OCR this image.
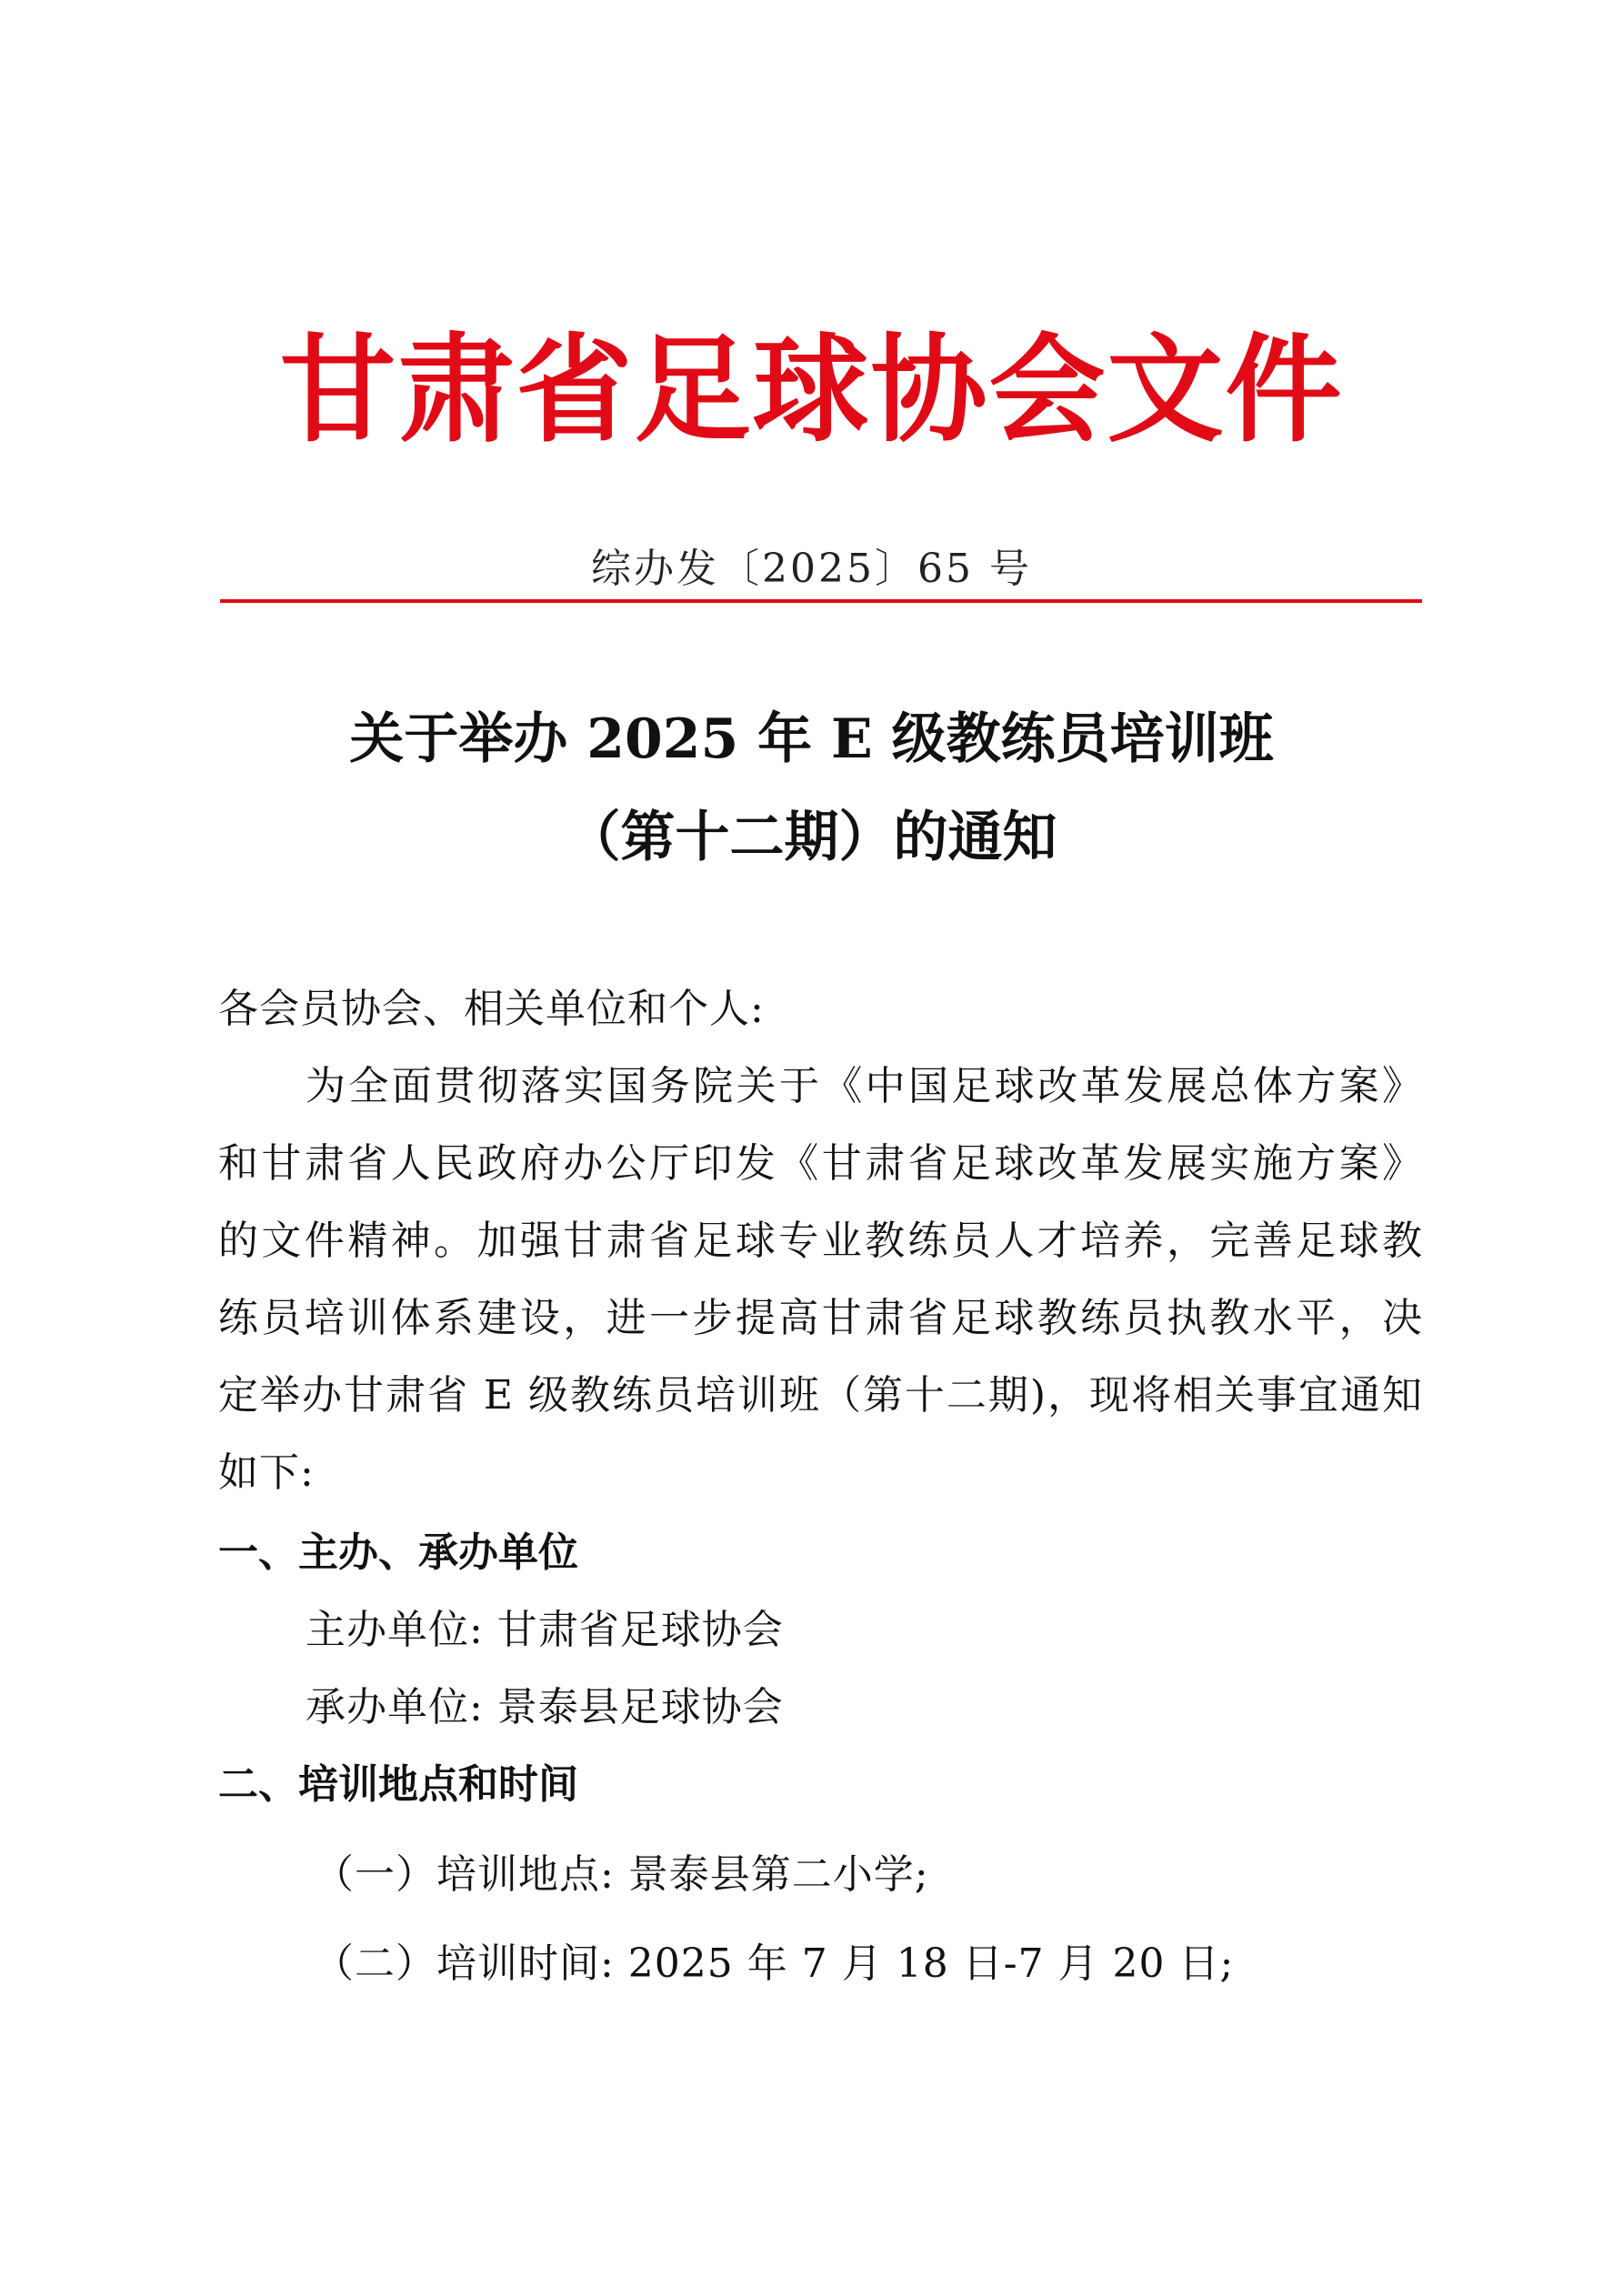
甘肃省足球协会文件
综办发〔2025〕65 号
关于举办 2025 年 E 级教练员培训班
（第十二期）的通知
各会员协会、相关单位和个人:
为全面贯彻落实国务院关于《中国足球改革发展总体方案》
和甘肃省人民政府办公厅印发《甘肃省足球改革发展实施方案》
的文件精神。加强甘肃省足球专业教练员人才培养，完善足球教
练员培训体系建设，进一步提高甘肃省足球教练员执教水平，决
定举办甘肃省 E 级教练员培训班（第十二期)，现将相关事宜通知
如下:
一、主办、承办单位
主办单位: 甘肃省足球协会
承办单位: 景泰县足球协会
二、培训地点和时间
（一）培训地点: 景泰县第二小学;
（二）培训时间: 2025 年 7 月 18 日-7 月 20 日;
